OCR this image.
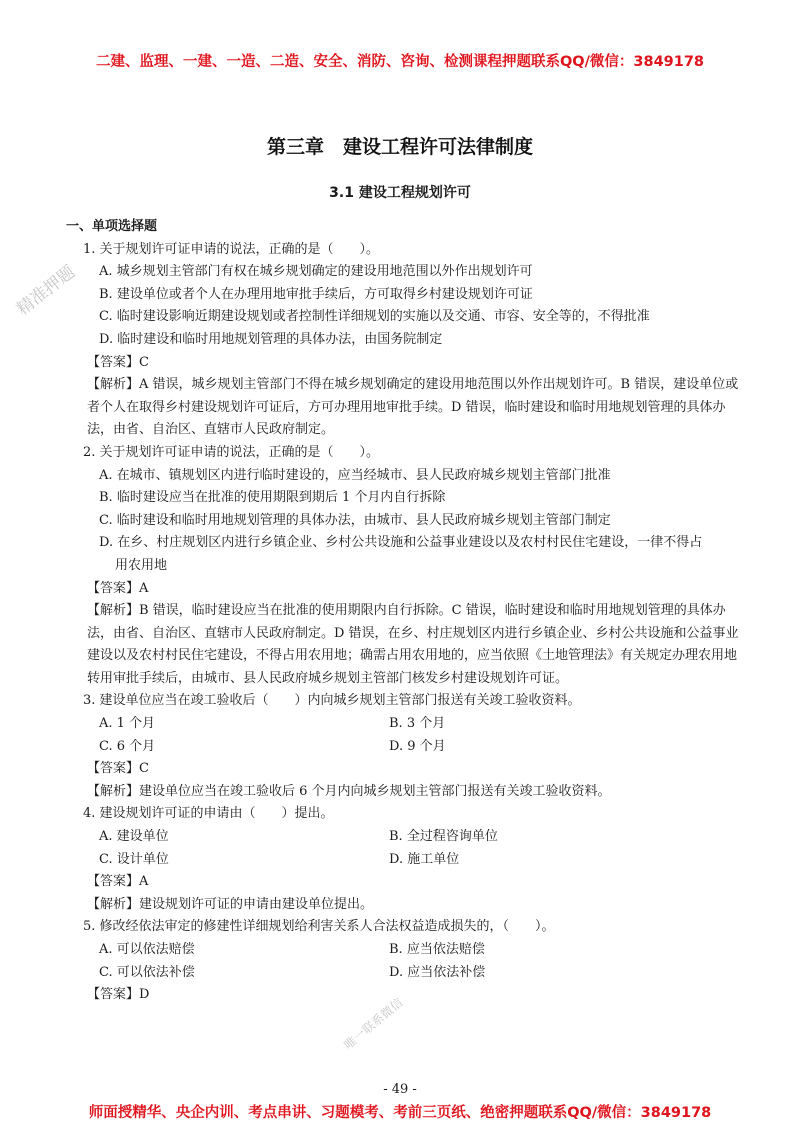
二建、监理、一建、一造、二造、安全、消防、咨询、检测课程押题联系QQ/微信：3849178
精准押题
唯一联系微信
第三章　建设工程许可法律制度
3.1 建设工程规划许可
一、单项选择题
1. 关于规划许可证申请的说法，正确的是（　　）。
A. 城乡规划主管部门有权在城乡规划确定的建设用地范围以外作出规划许可
B. 建设单位或者个人在办理用地审批手续后，方可取得乡村建设规划许可证
C. 临时建设影响近期建设规划或者控制性详细规划的实施以及交通、市容、安全等的，不得批准
D. 临时建设和临时用地规划管理的具体办法，由国务院制定
【答案】C
【解析】A 错误，城乡规划主管部门不得在城乡规划确定的建设用地范围以外作出规划许可。B 错误，建设单位或者个人在取得乡村建设规划许可证后，方可办理用地审批手续。D 错误，临时建设和临时用地规划管理的具体办法，由省、自治区、直辖市人民政府制定。
2. 关于规划许可证申请的说法，正确的是（　　）。
A. 在城市、镇规划区内进行临时建设的，应当经城市、县人民政府城乡规划主管部门批准
B. 临时建设应当在批准的使用期限到期后 1 个月内自行拆除
C. 临时建设和临时用地规划管理的具体办法，由城市、县人民政府城乡规划主管部门制定
D. 在乡、村庄规划区内进行乡镇企业、乡村公共设施和公益事业建设以及农村村民住宅建设，一律不得占
用农用地
【答案】A
【解析】B 错误，临时建设应当在批准的使用期限内自行拆除。C 错误，临时建设和临时用地规划管理的具体办法，由省、自治区、直辖市人民政府制定。D 错误，在乡、村庄规划区内进行乡镇企业、乡村公共设施和公益事业建设以及农村村民住宅建设，不得占用农用地；确需占用农用地的，应当依照《土地管理法》有关规定办理农用地转用审批手续后，由城市、县人民政府城乡规划主管部门核发乡村建设规划许可证。
3. 建设单位应当在竣工验收后（　　）内向城乡规划主管部门报送有关竣工验收资料。
A. 1 个月	B. 3 个月
C. 6 个月	D. 9 个月
【答案】C
【解析】建设单位应当在竣工验收后 6 个月内向城乡规划主管部门报送有关竣工验收资料。
4. 建设规划许可证的申请由（　　）提出。
A. 建设单位	B. 全过程咨询单位
C. 设计单位	D. 施工单位
【答案】A
【解析】建设规划许可证的申请由建设单位提出。
5. 修改经依法审定的修建性详细规划给利害关系人合法权益造成损失的，（　　）。
A. 可以依法赔偿	B. 应当依法赔偿
C. 可以依法补偿	D. 应当依法补偿
【答案】D
- 49 -
师面授精华、央企内训、考点串讲、习题模考、考前三页纸、绝密押题联系QQ/微信：3849178
